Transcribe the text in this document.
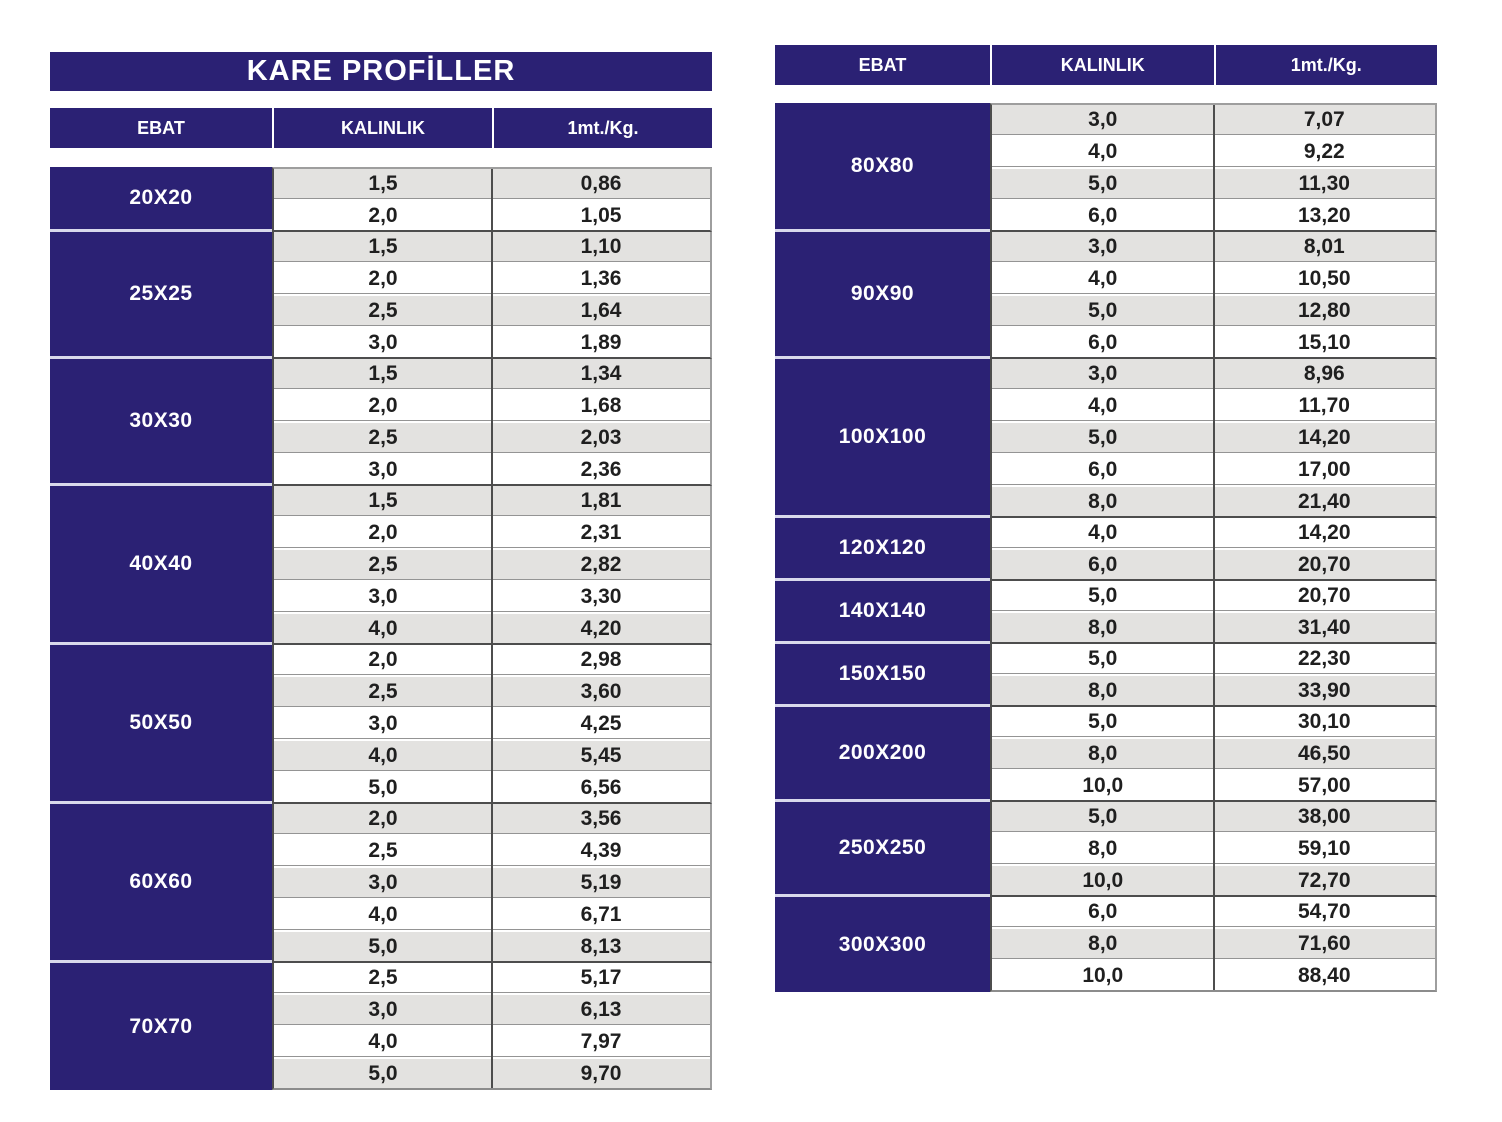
KARE PROFİLLER
EBAT	KALINLIK	1mt./Kg.
20X20
1,5	0,86
2,0	1,05
25X25
1,5	1,10
2,0	1,36
2,5	1,64
3,0	1,89
30X30
1,5	1,34
2,0	1,68
2,5	2,03
3,0	2,36
40X40
1,5	1,81
2,0	2,31
2,5	2,82
3,0	3,30
4,0	4,20
50X50
2,0	2,98
2,5	3,60
3,0	4,25
4,0	5,45
5,0	6,56
60X60
2,0	3,56
2,5	4,39
3,0	5,19
4,0	6,71
5,0	8,13
70X70
2,5	5,17
3,0	6,13
4,0	7,97
5,0	9,70
EBAT	KALINLIK	1mt./Kg.
80X80
3,0	7,07
4,0	9,22
5,0	11,30
6,0	13,20
90X90
3,0	8,01
4,0	10,50
5,0	12,80
6,0	15,10
100X100
3,0	8,96
4,0	11,70
5,0	14,20
6,0	17,00
8,0	21,40
120X120
4,0	14,20
6,0	20,70
140X140
5,0	20,70
8,0	31,40
150X150
5,0	22,30
8,0	33,90
200X200
5,0	30,10
8,0	46,50
10,0	57,00
250X250
5,0	38,00
8,0	59,10
10,0	72,70
300X300
6,0	54,70
8,0	71,60
10,0	88,40
